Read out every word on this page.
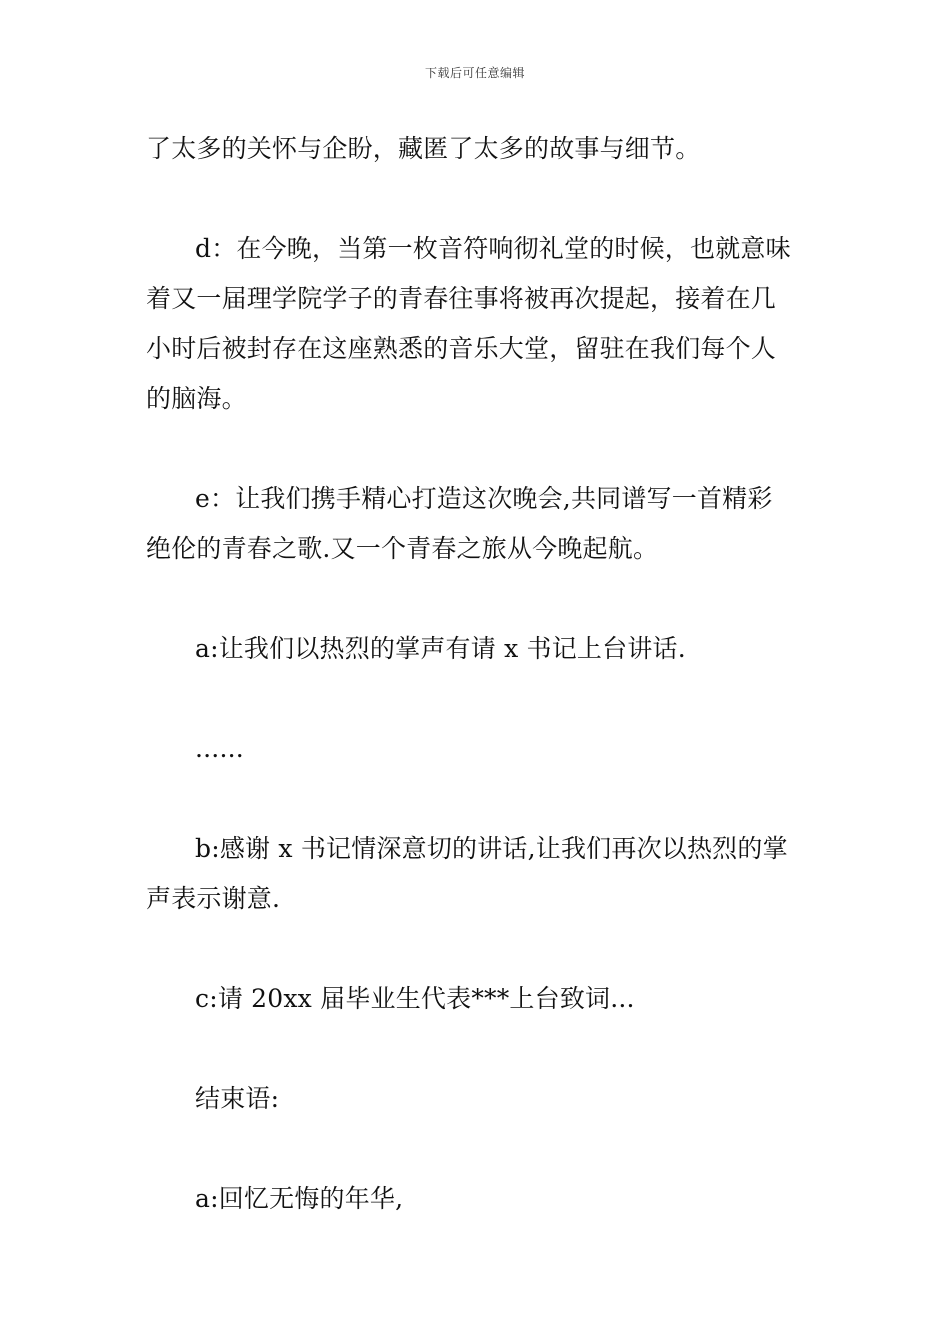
下载后可任意编辑
了太多的关怀与企盼，藏匿了太多的故事与细节。
d：在今晚，当第一枚音符响彻礼堂的时候，也就意味
着又一届理学院学子的青春往事将被再次提起，接着在几
小时后被封存在这座熟悉的音乐大堂，留驻在我们每个人
的脑海。
e：让我们携手精心打造这次晚会,共同谱写一首精彩
绝伦的青春之歌.又一个青春之旅从今晚起航。
a:让我们以热烈的掌声有请 x 书记上台讲话.
......
b:感谢 x 书记情深意切的讲话,让我们再次以热烈的掌
声表示谢意.
c:请 20xx 届毕业生代表***上台致词...
结束语:
a:回忆无悔的年华,
